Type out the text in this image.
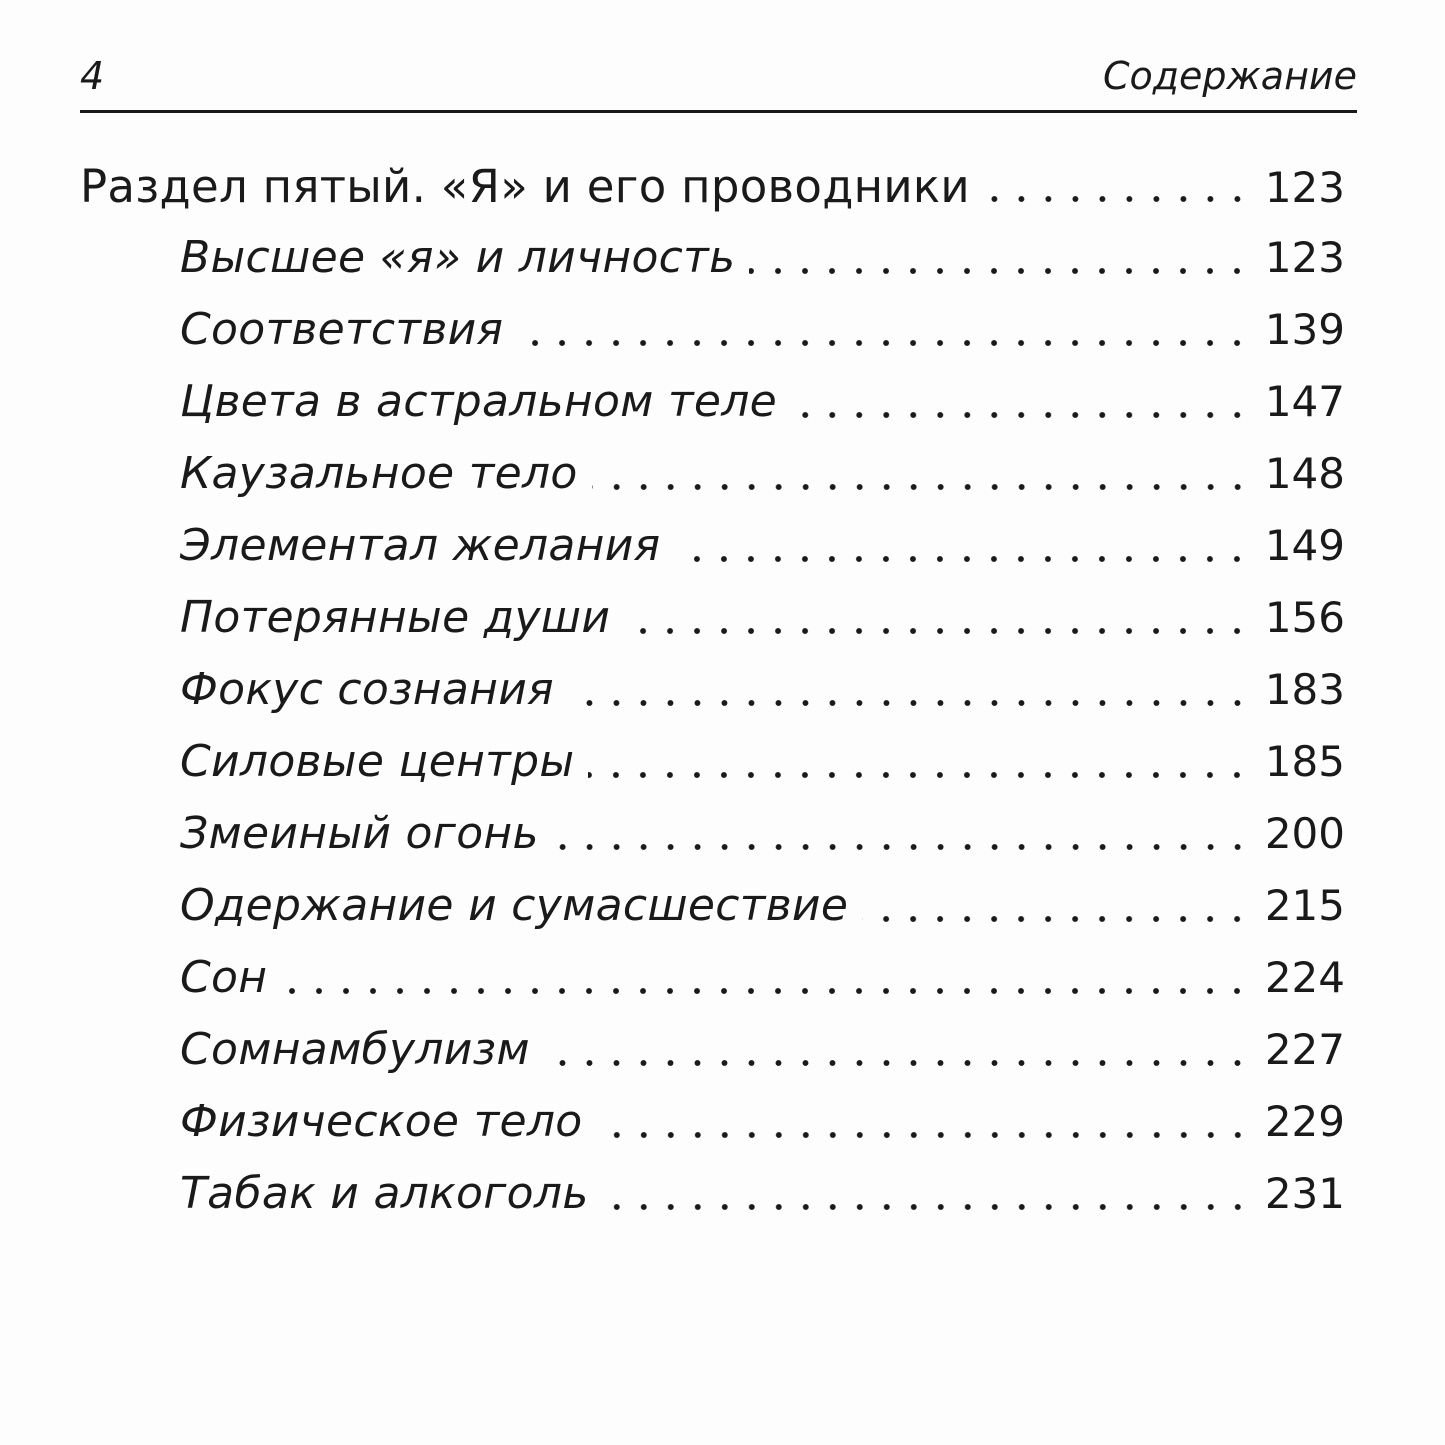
4	Содержание
Раздел пятый. «Я» и его проводники	123
Высшее «я» и личность	123
Соответствия	139
Цвета в астральном теле	147
Каузальное тело	148
Элементал желания	149
Потерянные души	156
Фокус сознания	183
Силовые центры	185
Змеиный огонь	200
Одержание и сумасшествие	215
Сон	224
Сомнамбулизм	227
Физическое тело	229
Табак и алкоголь	231
